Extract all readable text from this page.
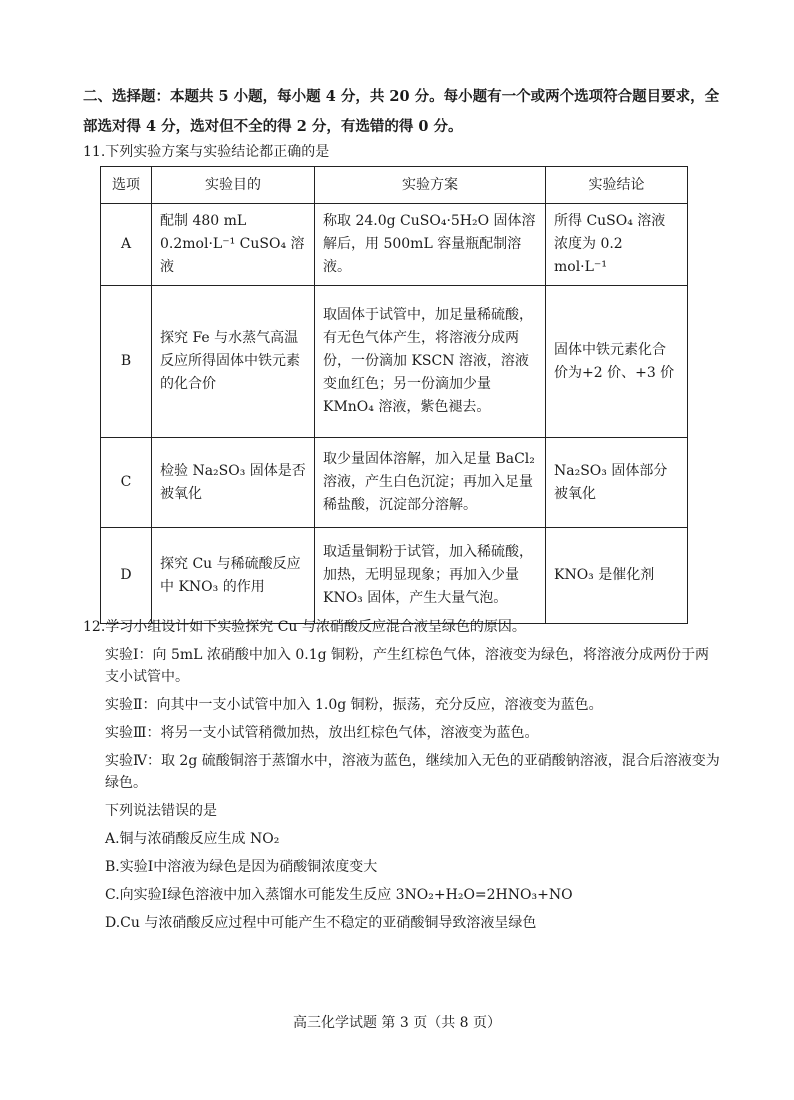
二、选择题：本题共 5 小题，每小题 4 分，共 20 分。每小题有一个或两个选项符合题目要求，全部选对得 4 分，选对但不全的得 2 分，有选错的得 0 分。
11.下列实验方案与实验结论都正确的是
选项	实验目的	实验方案	实验结论
A	配制 480 mL 0.2mol·L⁻¹ CuSO₄ 溶液	称取 24.0g CuSO₄·5H₂O 固体溶解后，用 500mL 容量瓶配制溶液。	所得 CuSO₄ 溶液浓度为 0.2 mol·L⁻¹
B	探究 Fe 与水蒸气高温反应所得固体中铁元素的化合价	取固体于试管中，加足量稀硫酸，有无色气体产生，将溶液分成两份，一份滴加 KSCN 溶液，溶液变血红色；另一份滴加少量 KMnO₄ 溶液，紫色褪去。	固体中铁元素化合价为+2 价、+3 价
C	检验 Na₂SO₃ 固体是否被氧化	取少量固体溶解，加入足量 BaCl₂ 溶液，产生白色沉淀；再加入足量稀盐酸，沉淀部分溶解。	Na₂SO₃ 固体部分被氧化
D	探究 Cu 与稀硫酸反应中 KNO₃ 的作用	取适量铜粉于试管，加入稀硫酸，加热，无明显现象；再加入少量 KNO₃ 固体，产生大量气泡。	KNO₃ 是催化剂

12.学习小组设计如下实验探究 Cu 与浓硝酸反应混合液呈绿色的原因。

实验Ⅰ：向 5mL 浓硝酸中加入 0.1g 铜粉，产生红棕色气体，溶液变为绿色，将溶液分成两份于两支小试管中。

实验Ⅱ：向其中一支小试管中加入 1.0g 铜粉，振荡，充分反应，溶液变为蓝色。

实验Ⅲ：将另一支小试管稍微加热，放出红棕色气体，溶液变为蓝色。

实验Ⅳ：取 2g 硫酸铜溶于蒸馏水中，溶液为蓝色，继续加入无色的亚硝酸钠溶液，混合后溶液变为绿色。

下列说法错误的是

A.铜与浓硝酸反应生成 NO₂

B.实验Ⅰ中溶液为绿色是因为硝酸铜浓度变大

C.向实验Ⅰ绿色溶液中加入蒸馏水可能发生反应 3NO₂+H₂O=2HNO₃+NO

D.Cu 与浓硝酸反应过程中可能产生不稳定的亚硝酸铜导致溶液呈绿色

高三化学试题 第 3 页（共 8 页）
